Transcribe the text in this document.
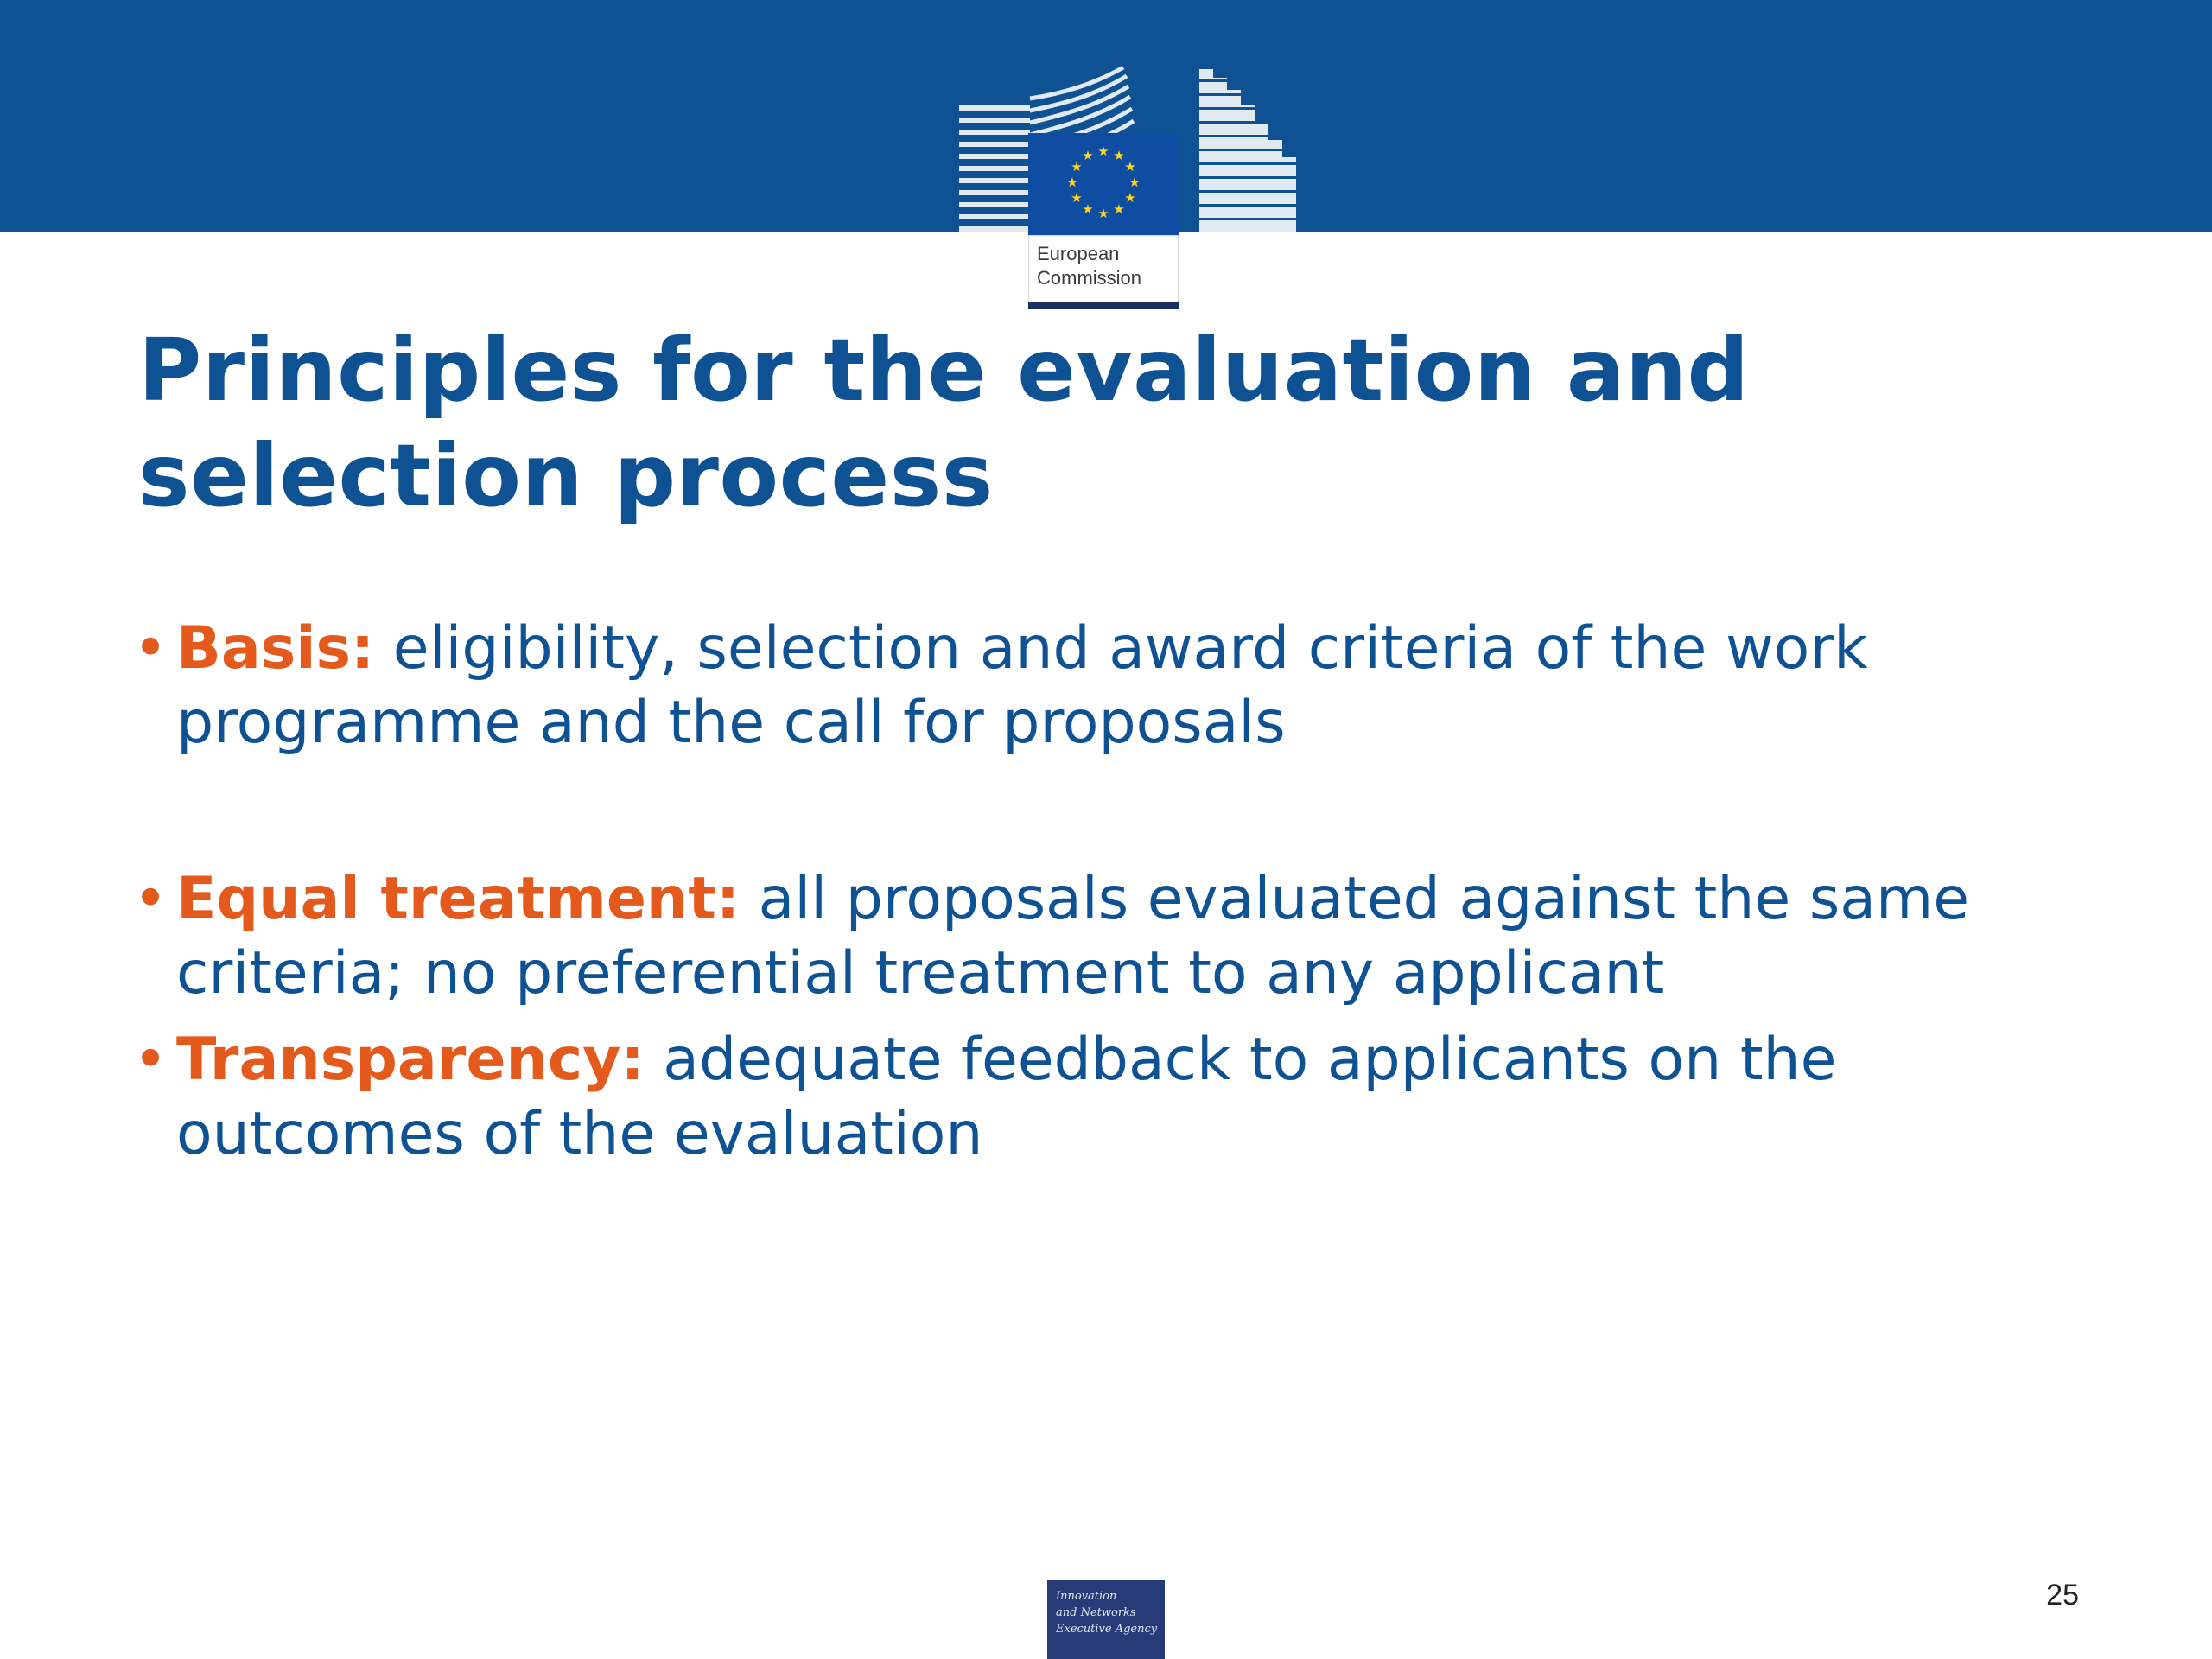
★ ★
★
★
★
★
★
★
★
★
★
★
European
Commission
Principles for the evaluation and selection process
• Basis: eligibility, selection and award criteria of the work programme and the call for proposals
• Equal treatment: all proposals evaluated against the same criteria; no preferential treatment to any applicant
• Transparency: adequate feedback to applicants on the outcomes of the evaluation
Innovation
and Networks
Executive Agency
25
